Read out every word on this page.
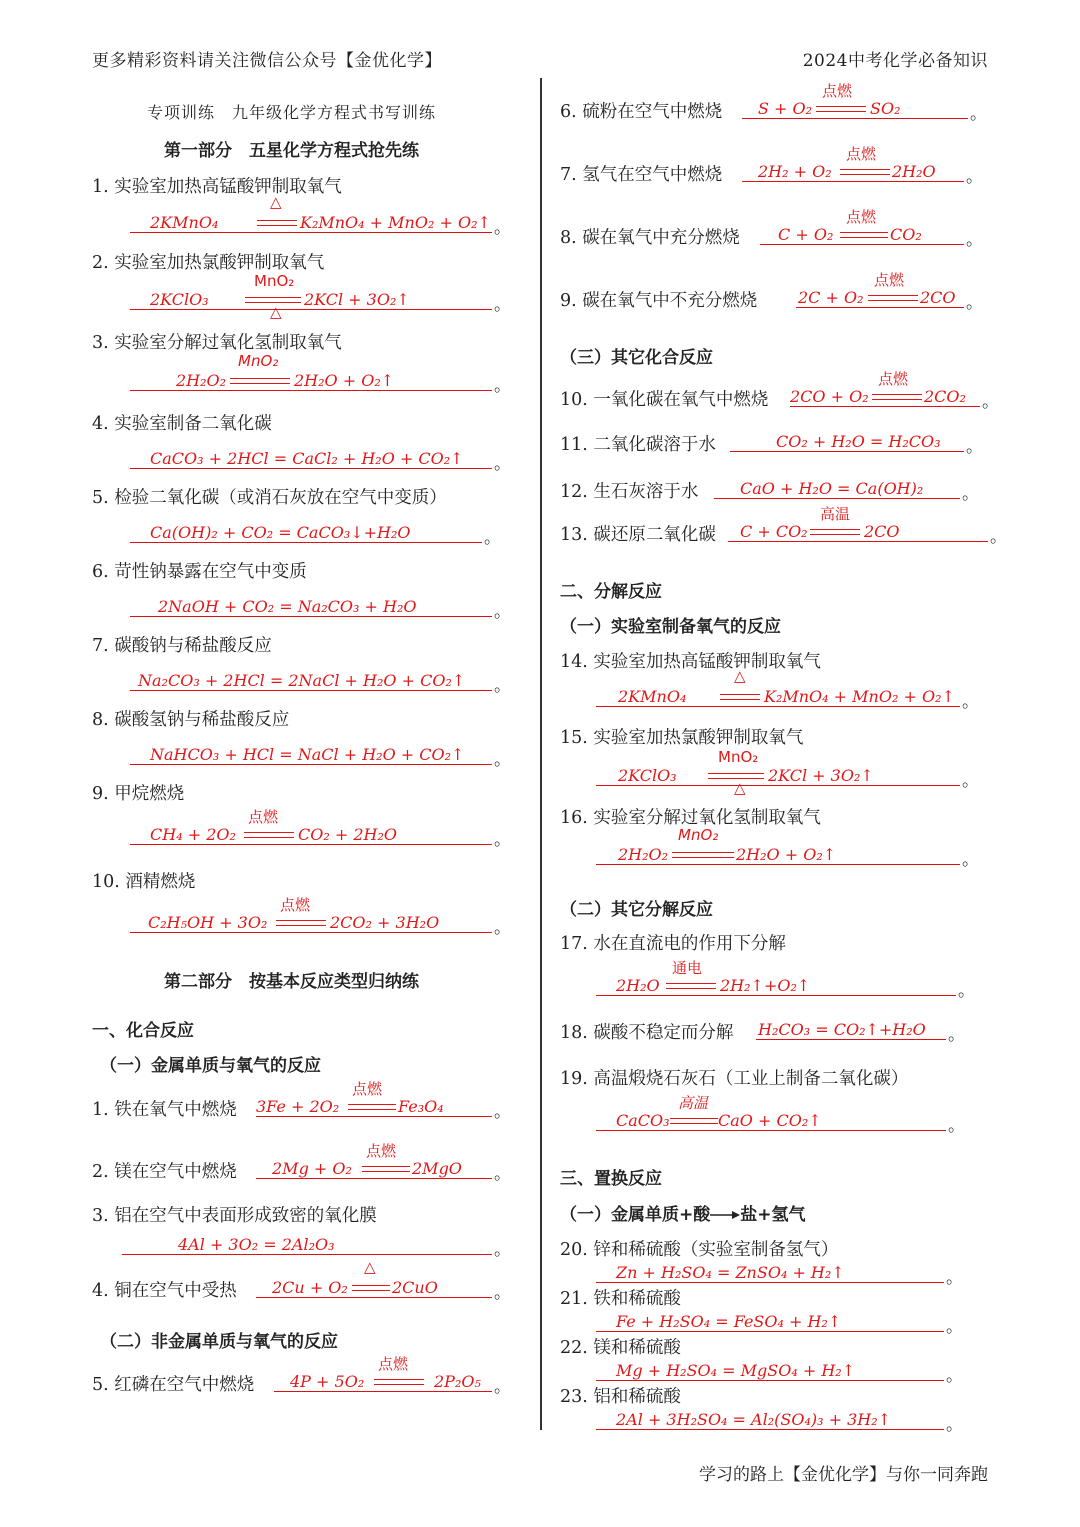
更多精彩资料请关注微信公众号【金优化学】	2024中考化学必备知识
专项训练　九年级化学方程式书写训练
第一部分　五星化学方程式抢先练
1. 实验室加热高锰酸钾制取氧气
2KMnO₄
△
K₂MnO₄ + MnO₂ + O₂↑ 。
2. 实验室加热氯酸钾制取氧气
2KClO₃
MnO₂
△
2KCl + 3O₂↑	。
3. 实验室分解过氧化氢制取氧气
2H₂O₂
MnO₂
2H₂O + O₂↑	。
4. 实验室制备二氧化碳
CaCO₃ + 2HCl = CaCl₂ + H₂O + CO₂↑ 。
5. 检验二氧化碳（或消石灰放在空气中变质）
Ca(OH)₂ + CO₂ = CaCO₃↓+H₂O	。
6. 苛性钠暴露在空气中变质
2NaOH + CO₂ = Na₂CO₃ + H₂O	。
7. 碳酸钠与稀盐酸反应
Na₂CO₃ + 2HCl = 2NaCl + H₂O + CO₂↑ 。
8. 碳酸氢钠与稀盐酸反应
NaHCO₃ + HCl = NaCl + H₂O + CO₂↑ 。
9. 甲烷燃烧
CH₄ + 2O₂
点燃
CO₂ + 2H₂O	。
10. 酒精燃烧
C₂H₅OH + 3O₂
点燃
2CO₂ + 3H₂O	。
第二部分　按基本反应类型归纳练
一、化合反应
（一）金属单质与氧气的反应
1. 铁在氧气中燃烧 3Fe + 2O₂
点燃
Fe₃O₄	。
2. 镁在空气中燃烧 2Mg + O₂
点燃
2MgO 。
3. 铝在空气中表面形成致密的氧化膜
4Al + 3O₂ = 2Al₂O₃	。
4. 铜在空气中受热 2Cu + O₂
△
2CuO	。
（二）非金属单质与氧气的反应
5. 红磷在空气中燃烧 4P + 5O₂
点燃
2P₂O₅ 。
6. 硫粉在空气中燃烧 S + O₂
点燃
SO₂	。
7. 氢气在空气中燃烧 2H₂ + O₂
点燃
2H₂O 。
8. 碳在氧气中充分燃烧 C + O₂
点燃
CO₂	。
9. 碳在氧气中不充分燃烧	2C + O₂
点燃
2CO 。
（三）其它化合反应
10. 一氧化碳在氧气中燃烧 2CO + O₂
点燃
2CO₂ 。
11. 二氧化碳溶于水	CO₂ + H₂O = H₂CO₃ 。
12. 生石灰溶于水	CaO + H₂O = Ca(OH)₂ 。
13. 碳还原二氧化碳 C + CO₂
高温
2CO	。
二、分解反应
（一）实验室制备氧气的反应
14. 实验室加热高锰酸钾制取氧气
2KMnO₄
△
K₂MnO₄ + MnO₂ + O₂↑ 。
15. 实验室加热氯酸钾制取氧气
2KClO₃
MnO₂
△
2KCl + 3O₂↑	。
16. 实验室分解过氧化氢制取氧气
2H₂O₂
MnO₂
2H₂O + O₂↑	。
（二）其它分解反应
17. 水在直流电的作用下分解
2H₂O
通电
2H₂↑+O₂↑	。
18. 碳酸不稳定而分解 H₂CO₃ = CO₂↑+H₂O 。
19. 高温煅烧石灰石（工业上制备二氧化碳）
CaCO₃
高温
CaO + CO₂↑	。
三、置换反应
（一）金属单质+酸 盐+氢气
20. 锌和稀硫酸（实验室制备氢气）
Zn + H₂SO₄ = ZnSO₄ + H₂↑	。
21. 铁和稀硫酸
Fe + H₂SO₄ = FeSO₄ + H₂↑	。
22. 镁和稀硫酸
Mg + H₂SO₄ = MgSO₄ + H₂↑	。
23. 铝和稀硫酸
2Al + 3H₂SO₄ = Al₂(SO₄)₃ + 3H₂↑	。
学习的路上【金优化学】与你一同奔跑
